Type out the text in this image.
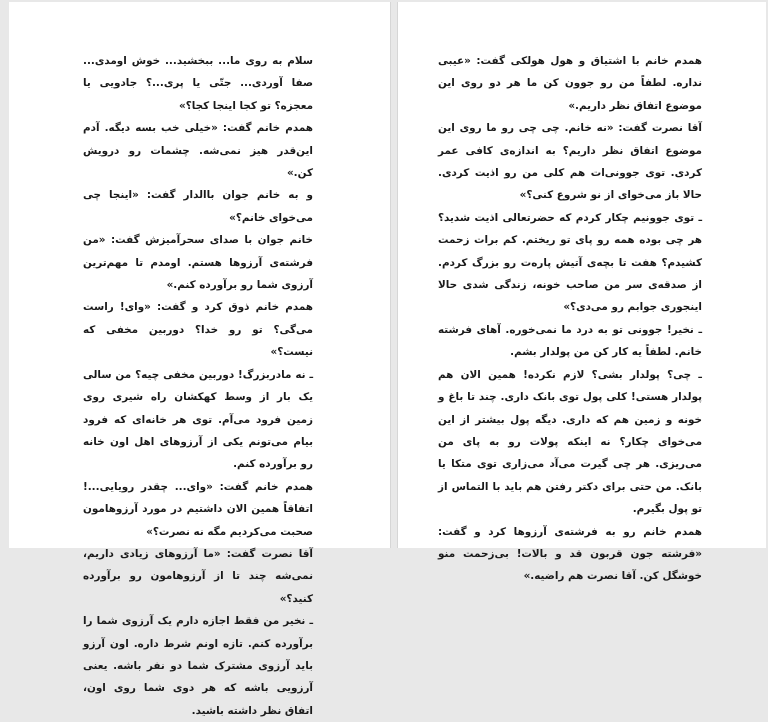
سلام به روی ما... ببخشید... خوش اومدی... صفا آوردی... جتّی یا پری...؟ جادویی یا معجزه؟ تو کجا اینجا کجا؟»

همدم خانم گفت: «خیلی خب بسه دیگه. آدم این‌قدر هیز نمی‌شه. چشمات رو درویش کن.»

و به خانم جوان باالدار گفت: «اینجا چی می‌خوای خانم؟»

خانم جوان با صدای سحرآمیزش گفت: «من فرشته‌ی آرزوها هستم. اومدم تا مهم‌ترین آرزوی شما رو برآورده کنم.»

همدم خانم ذوق کرد و گفت: «وای! راست می‌گی؟ تو رو خدا؟ دوربین مخفی که نیست؟»

ـ نه مادربزرگ! دوربین مخفی چیه؟ من سالی یک بار از وسط کهکشان راه شیری روی زمین فرود می‌آم. توی هر خانه‌ای که فرود بیام می‌تونم یکی از آرزوهای اهل اون خانه رو برآورده کنم.

همدم خانم گفت: «وای... چقدر رویایی...! اتفاقاً همین الان داشتیم در مورد آرزوهامون صحبت می‌کردیم مگه نه نصرت؟»

آقا نصرت گفت: «ما آرزوهای زیادی داریم، نمی‌شه چند تا از آرزوهامون رو برآورده کنید؟»

ـ نخیر من فقط اجازه دارم یک آرزوی شما را برآورده کنم. تازه اونم شرط داره. اون آرزو باید آرزوی مشترک شما دو نفر باشه. یعنی آرزویی باشه که هر دوی شما روی اون، اتفاق نظر داشته باشید.

همدم خانم با اشتیاق و هول هولکی گفت: «عیبی نداره. لطفاً من رو جوون کن ما هر دو روی این موضوع اتفاق نظر داریم.»

آقا نصرت گفت: «نه خانم. چی چی رو ما روی این موضوع اتفاق نظر داریم؟ به اندازه‌ی کافی عمر کردی. توی جوونی‌ات هم کلی من رو اذیت کردی. حالا باز می‌خوای از نو شروع کنی؟»

ـ توی جوونیم چکار کردم که حضرتعالی اذیت شدید؟ هر چی بوده همه رو پای تو ریختم. کم برات زحمت کشیدم؟ هفت تا بچه‌ی آتیش پاره‌ت رو بزرگ کردم. از صدقه‌ی سر من صاحب خونه، زندگی شدی حالا اینجوری جوابم رو می‌دی؟»

ـ نخیر! جوونی تو به درد ما نمی‌خوره. آهای فرشته خانم. لطفاً یه کار کن من پولدار بشم.

ـ چی؟ پولدار بشی؟ لازم نکرده! همین الان هم پولدار هستی! کلی پول توی بانک داری. چند تا باغ و خونه و زمین هم که داری. دیگه پول بیشتر از این می‌خوای چکار؟ نه اینکه پولات رو به پای من می‌ریزی. هر چی گیرت می‌آد می‌زاری توی متکا یا بانک. من حتی برای دکتر رفتن هم باید با التماس از تو پول بگیرم.

همدم خانم رو به فرشته‌ی آرزوها کرد و گفت: «فرشته جون قربون قد و بالات! بی‌زحمت منو خوشگل کن. آقا نصرت هم راضیه.»
